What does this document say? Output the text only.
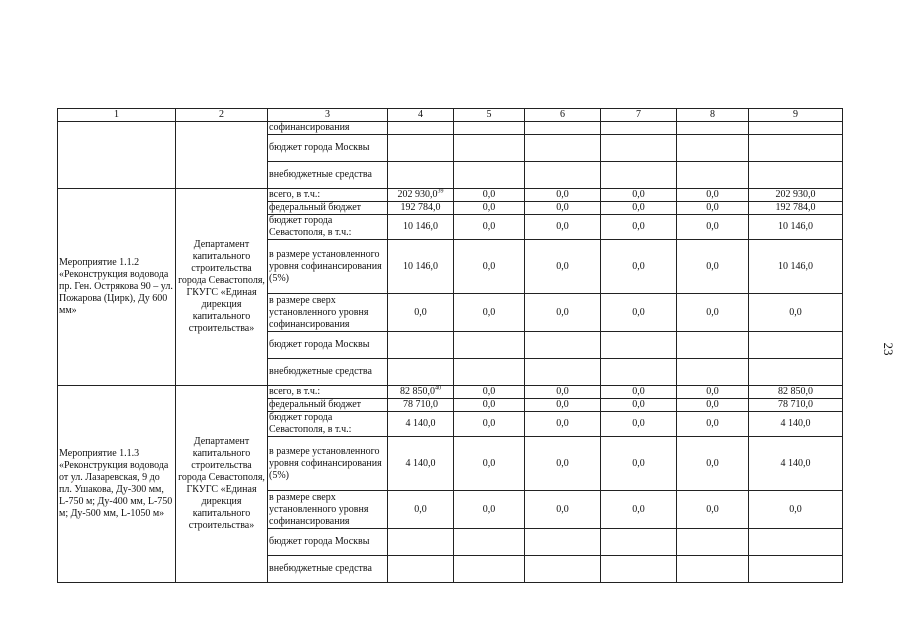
1	2	3	4	5	6	7	8	9
		софинансирования						
		бюджет города Москвы						
		внебюджетные средства						
Мероприятие 1.1.2 «Реконструкция водовода пр. Ген. Острякова 90 – ул. Пожарова (Цирк), Ду 600 мм»	Департамент капитального строительства города Севастополя, ГКУГС «Единая дирекция капитального строительства»	всего, в т.ч.:	202 930,0$^{39}$	0,0	0,0	0,0	0,0	202 930,0
		федеральный бюджет	192 784,0	0,0	0,0	0,0	0,0	192 784,0
		бюджет города Севастополя, в т.ч.:	10 146,0	0,0	0,0	0,0	0,0	10 146,0
		в размере установленного уровня софинансирования (5%)	10 146,0	0,0	0,0	0,0	0,0	10 146,0
		в размере сверх установленного уровня софинансирования	0,0	0,0	0,0	0,0	0,0	0,0
		бюджет города Москвы						
		внебюджетные средства						
Мероприятие 1.1.3 «Реконструкция водовода от ул. Лазаревская, 9 до пл. Ушакова, Ду-300 мм, L-750 м; Ду-400 мм, L-750 м; Ду-500 мм, L-1050 м»	Департамент капитального строительства города Севастополя, ГКУГС «Единая дирекция капитального строительства»	всего, в т.ч.:	82 850,0$^{40}$	0,0	0,0	0,0	0,0	82 850,0
		федеральный бюджет	78 710,0	0,0	0,0	0,0	0,0	78 710,0
		бюджет города Севастополя, в т.ч.:	4 140,0	0,0	0,0	0,0	0,0	4 140,0
		в размере установленного уровня софинансирования (5%)	4 140,0	0,0	0,0	0,0	0,0	4 140,0
		в размере сверх установленного уровня софинансирования	0,0	0,0	0,0	0,0	0,0	0,0
		бюджет города Москвы						
		внебюджетные средства						
23
